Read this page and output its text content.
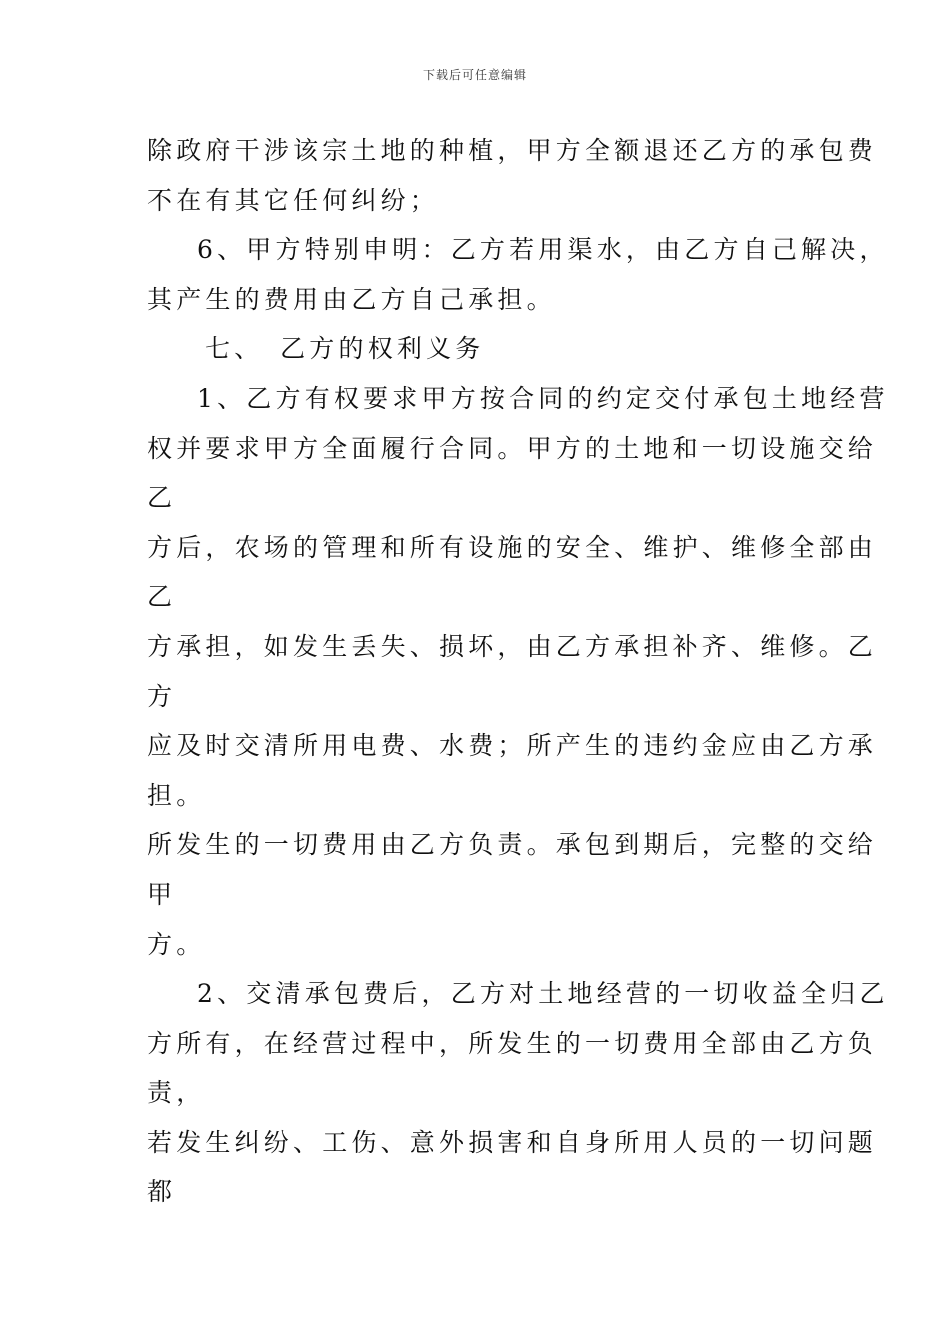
下载后可任意编辑
除政府干涉该宗土地的种植，甲方全额退还乙方的承包费
不在有其它任何纠纷；
6、甲方特别申明：乙方若用渠水，由乙方自己解决，
其产生的费用由乙方自己承担。
七、　乙方的权利义务
1、乙方有权要求甲方按合同的约定交付承包土地经营
权并要求甲方全面履行合同。甲方的土地和一切设施交给
乙
方后，农场的管理和所有设施的安全、维护、维修全部由
乙
方承担，如发生丢失、损坏，由乙方承担补齐、维修。乙
方
应及时交清所用电费、水费；所产生的违约金应由乙方承
担。
所发生的一切费用由乙方负责。承包到期后，完整的交给
甲
方。
2、交清承包费后，乙方对土地经营的一切收益全归乙
方所有，在经营过程中，所发生的一切费用全部由乙方负
责，
若发生纠纷、工伤、意外损害和自身所用人员的一切问题
都
